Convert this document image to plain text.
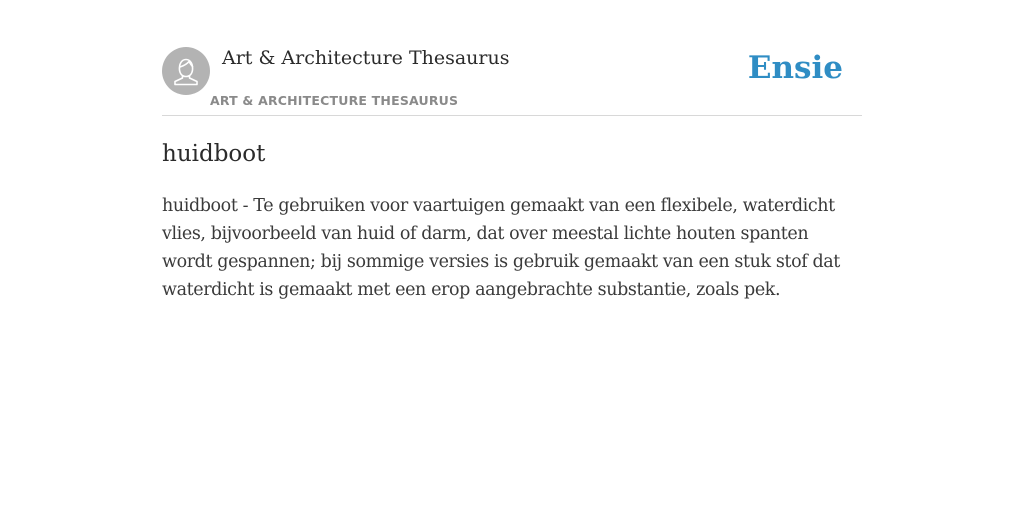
Art & Architecture Thesaurus
ART & ARCHITECTURE THESAURUS
Ensie
huidboot

huidboot - Te gebruiken voor vaartuigen gemaakt van een flexibele, waterdicht vlies, bijvoorbeeld van huid of darm, dat over meestal lichte houten spanten wordt gespannen; bij sommige versies is gebruik gemaakt van een stuk stof dat waterdicht is gemaakt met een erop aangebrachte substantie, zoals pek.
